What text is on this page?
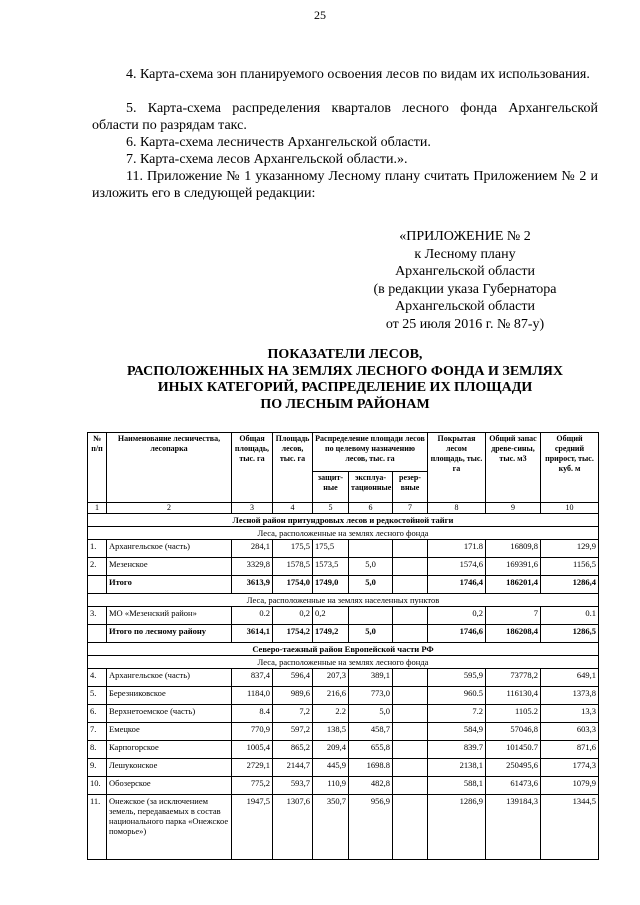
25
4. Карта-схема зон планируемого освоения лесов по видам их использования.
5. Карта-схема распределения кварталов лесного фонда Архангельской области по разрядам такс.
6. Карта-схема лесничеств Архангельской области.
7. Карта-схема лесов Архангельской области.».
11. Приложение № 1 указанному Лесному плану считать Приложением № 2 и изложить его в следующей редакции:
«ПРИЛОЖЕНИЕ № 2
к Лесному плану
Архангельской области
(в редакции указа Губернатора
Архангельской области
от 25 июля 2016 г. № 87-у)
ПОКАЗАТЕЛИ ЛЕСОВ,
РАСПОЛОЖЕННЫХ НА ЗЕМЛЯХ ЛЕСНОГО ФОНДА И ЗЕМЛЯХ
ИНЫХ КАТЕГОРИЙ, РАСПРЕДЕЛЕНИЕ ИХ ПЛОЩАДИ
ПО ЛЕСНЫМ РАЙОНАМ
№ п/п	Наименование лесничества, лесопарка	Общая площадь, тыс. га	Площадь лесов, тыс. га	Распределение площади лесов по целевому назначению лесов, тыс. га			Покрытая лесом площадь, тыс. га	Общий запас древе-сины, тыс. м3	Общий средний прирост, тыс. куб. м
				защит-ные	эксплуа-тационные	резер-вные			
1	2	3	4	5	6	7	8	9	10
Лесной район притундровых лесов и редкостойной тайги									
Леса, расположенные на землях лесного фонда									
1.	Архангельское (часть)	284,1	175,5	175,5			171.8	16809,8	129,9
2.	Мезенское	3329,8	1578,5	1573,5	5,0		1574,6	169391,6	1156,5
	Итого	3613,9	1754,0	1749,0	5,0		1746,4	186201,4	1286,4
Леса, расположенные на землях населенных пунктов									
3.	МО «Мезенский район»	0.2	0,2	0,2			0,2	7	0.1
	Итого по лесному району	3614,1	1754,2	1749,2	5,0		1746,6	186208,4	1286,5
Северо-таежный район Европейской части РФ									
Леса, расположенные на землях лесного фонда									
4.	Архангельское (часть)	837,4	596,4	207,3	389,1		595,9	73778,2	649,1
5.	Березниковское	1184,0	989,6	216,6	773,0		960.5	116130,4	1373,8
6.	Верхнетоемское (часть)	8.4	7,2	2.2	5,0		7.2	1105.2	13,3
7.	Емецкое	770,9	597,2	138,5	458,7		584,9	57046,8	603,3
8.	Карпогорское	1005,4	865,2	209,4	655,8		839.7	101450.7	871,6
9.	Лешуконское	2729,1	2144,7	445,9	1698.8		2138,1	250495,6	1774,3
10.	Обозерское	775,2	593,7	110,9	482,8		588,1	61473,6	1079,9
11.	Онежское (за исключением земель, передаваемых в состав национального парка «Онежское поморье»)	1947,5	1307,6	350,7	956,9		1286,9	139184,3	1344,5
